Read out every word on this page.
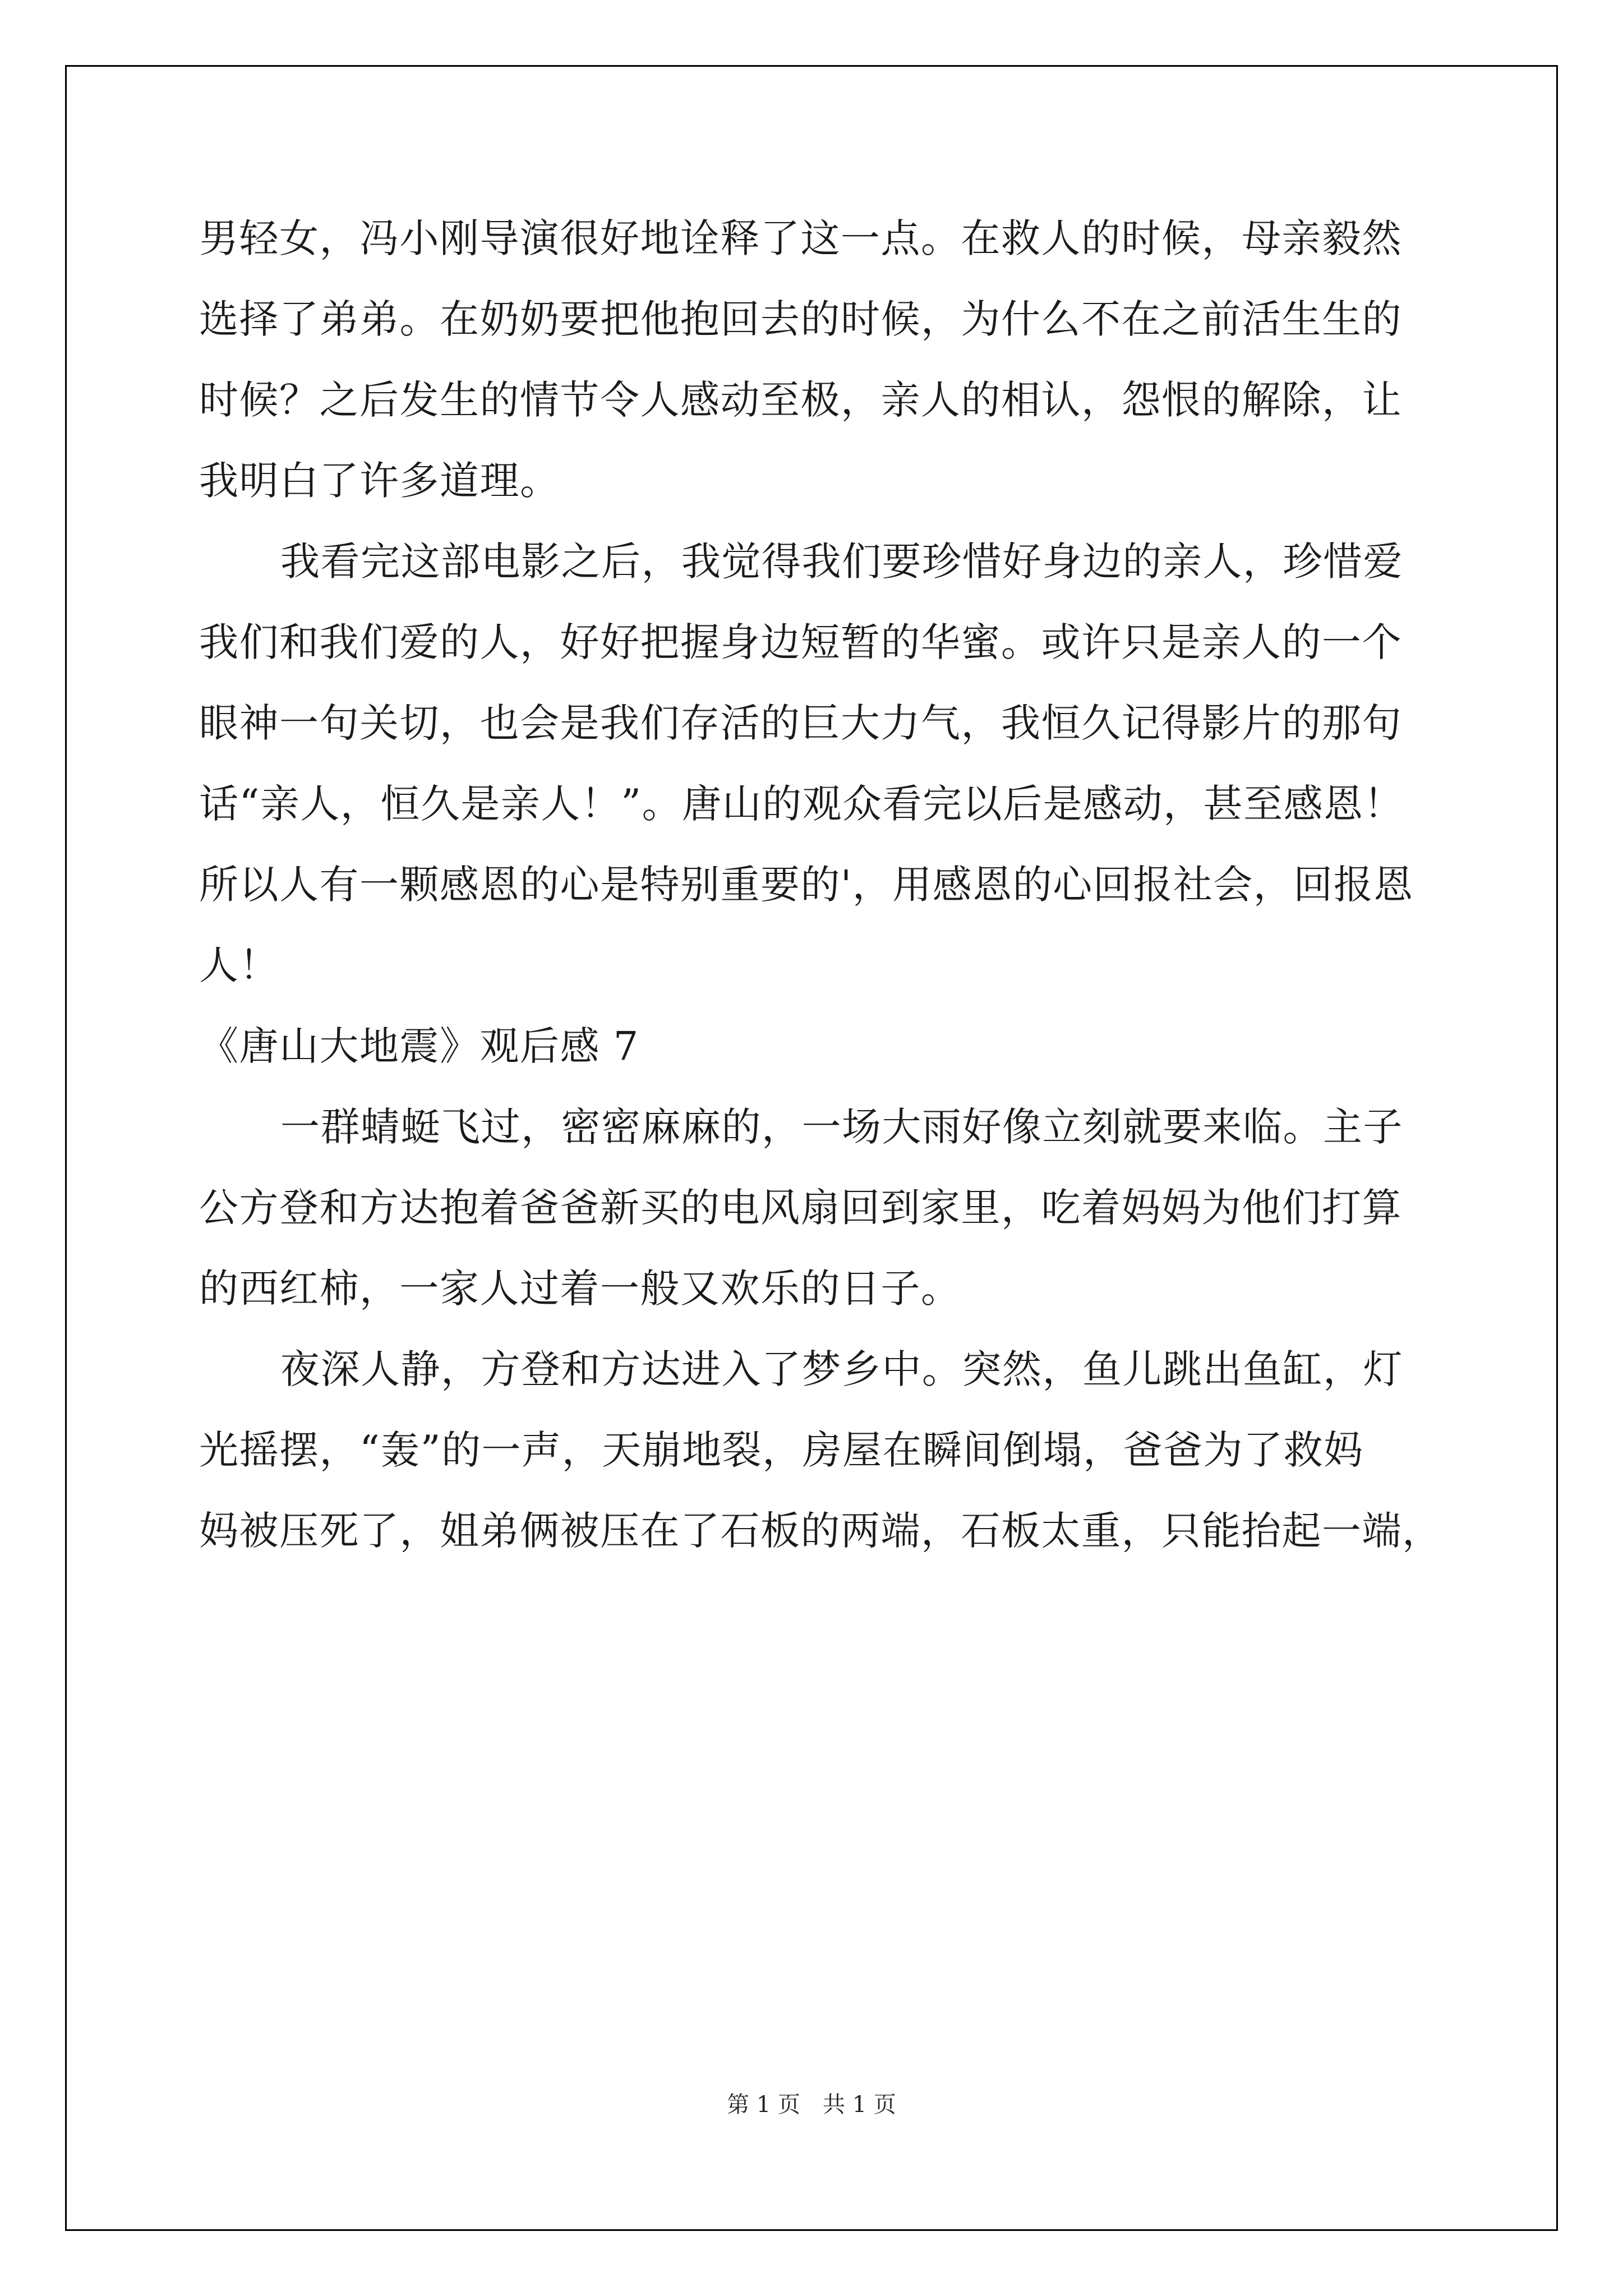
男轻女，冯小刚导演很好地诠释了这一点。在救人的时候，母亲毅然
选择了弟弟。在奶奶要把他抱回去的时候，为什么不在之前活生生的
时候？之后发生的情节令人感动至极，亲人的相认，怨恨的解除，让
我明白了许多道理。
我看完这部电影之后，我觉得我们要珍惜好身边的亲人，珍惜爱
我们和我们爱的人，好好把握身边短暂的华蜜。或许只是亲人的一个
眼神一句关切，也会是我们存活的巨大力气，我恒久记得影片的那句
话“亲人，恒久是亲人！”。唐山的观众看完以后是感动，甚至感恩！
所以人有一颗感恩的心是特别重要的'，用感恩的心回报社会，回报恩
人！
《唐山大地震》观后感 7
一群蜻蜓飞过，密密麻麻的，一场大雨好像立刻就要来临。主子
公方登和方达抱着爸爸新买的电风扇回到家里，吃着妈妈为他们打算
的西红柿，一家人过着一般又欢乐的日子。
夜深人静，方登和方达进入了梦乡中。突然，鱼儿跳出鱼缸，灯
光摇摆，“轰”的一声，天崩地裂，房屋在瞬间倒塌，爸爸为了救妈
妈被压死了，姐弟俩被压在了石板的两端，石板太重，只能抬起一端，
第 1 页　共 1 页
